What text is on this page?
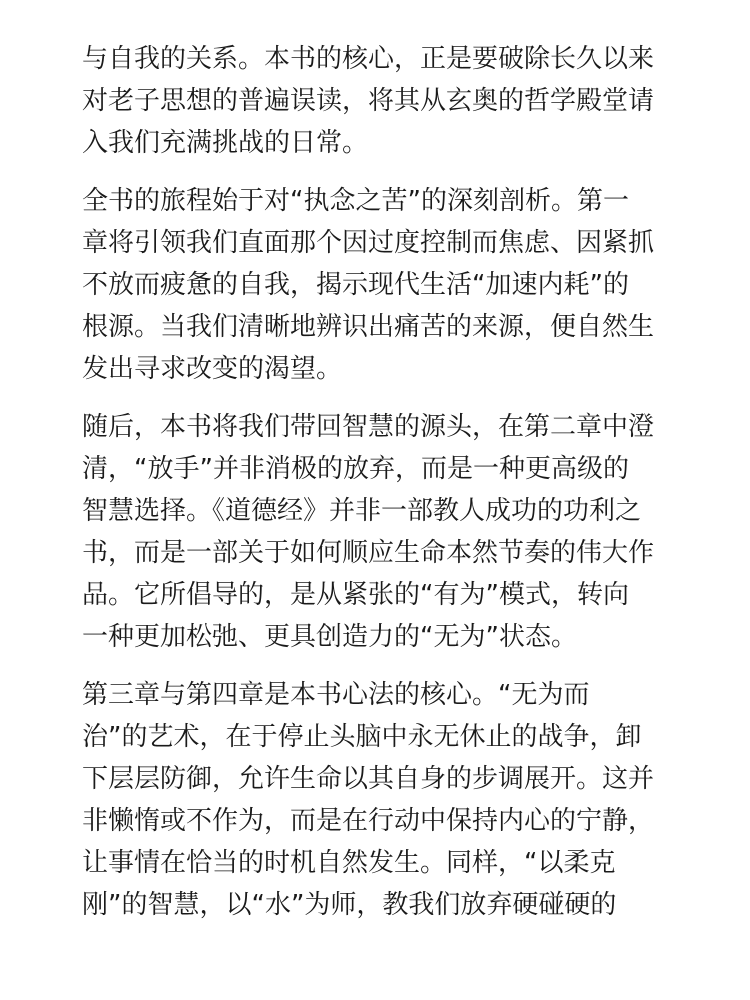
与自我的关系。本书的核心，正是要破除长久以来
对老子思想的普遍误读，将其从玄奥的哲学殿堂请
入我们充满挑战的日常。
全书的旅程始于对“执念之苦”的深刻剖析。第一
章将引领我们直面那个因过度控制而焦虑、因紧抓
不放而疲惫的自我，揭示现代生活“加速内耗”的
根源。当我们清晰地辨识出痛苦的来源，便自然生
发出寻求改变的渴望。
随后，本书将我们带回智慧的源头，在第二章中澄
清，“放手”并非消极的放弃，而是一种更高级的
智慧选择。《道德经》并非一部教人成功的功利之
书，而是一部关于如何顺应生命本然节奏的伟大作
品。它所倡导的，是从紧张的“有为”模式，转向
一种更加松弛、更具创造力的“无为”状态。
第三章与第四章是本书心法的核心。“无为而
治”的艺术，在于停止头脑中永无休止的战争，卸
下层层防御，允许生命以其自身的步调展开。这并
非懒惰或不作为，而是在行动中保持内心的宁静，
让事情在恰当的时机自然发生。同样，“以柔克
刚”的智慧，以“水”为师，教我们放弃硬碰硬的
